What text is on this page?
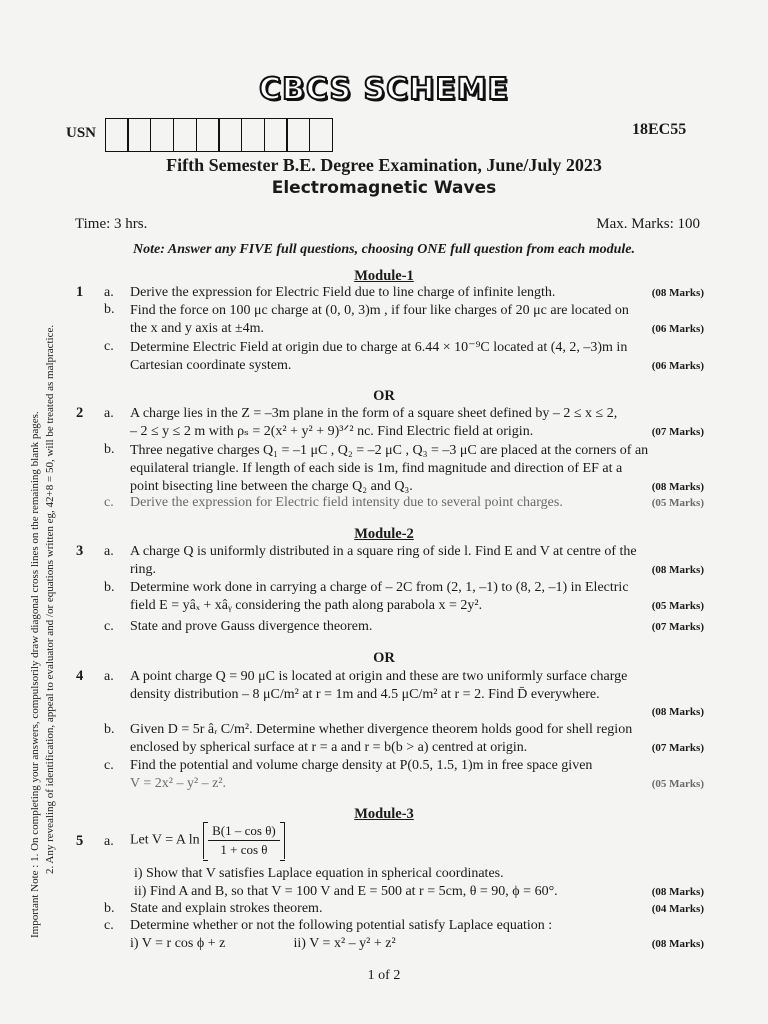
CBCS SCHEME
USN	18EC55
Fifth Semester B.E. Degree Examination, June/July 2023
Electromagnetic Waves
Time: 3 hrs.	Max. Marks: 100
Note: Answer any FIVE full questions, choosing ONE full question from each module.
Important Note : 1. On completing your answers, compulsorily draw diagonal cross lines on the remaining blank pages. 2. Any revealing of identification, appeal to evaluator and /or equations written eg, 42+8 = 50, will be treated as malpractice.
Module-1
1 a. Derive the expression for Electric Field due to line charge of infinite length.	(08 Marks)
b. Find the force on 100 μc charge at (0, 0, 3)m , if four like charges of 20 μc are located on
the x and y axis at ±4m.	(06 Marks)
c. Determine Electric Field at origin due to charge at 6.44 × 10⁻⁹C located at (4, 2, –3)m in
Cartesian coordinate system.	(06 Marks)
OR
2 a. A charge lies in the Z = –3m plane in the form of a square sheet defined by – 2 ≤ x ≤ 2,
– 2 ≤ y ≤ 2 m with ρₛ = 2(x² + y² + 9)³ᐟ² nc. Find Electric field at origin.	(07 Marks)
b. Three negative charges Q₁ = –1 μC , Q₂ = –2 μC , Q₃ = –3 μC are placed at the corners of an
equilateral triangle. If length of each side is 1m, find magnitude and direction of EF at a
point bisecting line between the charge Q₂ and Q₃.	(08 Marks)
c. Derive the expression for Electric field intensity due to several point charges.	(05 Marks)
Module-2
3 a. A charge Q is uniformly distributed in a square ring of side l. Find E and V at centre of the
ring.	(08 Marks)
b. Determine work done in carrying a charge of – 2C from (2, 1, –1) to (8, 2, –1) in Electric
field E = yâₓ + xâᵧ considering the path along parabola x = 2y².	(05 Marks)
c. State and prove Gauss divergence theorem.	(07 Marks)
OR
4 a. A point charge Q = 90 μC is located at origin and these are two uniformly surface charge
density distribution – 8 μC/m² at r = 1m and 4.5 μC/m² at r = 2. Find D̄ everywhere.
(08 Marks)
b. Given D = 5r âᵣ C/m². Determine whether divergence theorem holds good for shell region
enclosed by spherical surface at r = a and r = b(b > a) centred at origin.	(07 Marks)
c. Find the potential and volume charge density at P(0.5, 1.5, 1)m in free space given
V = 2x² – y² – z².	(05 Marks)
Module-3
5 a. Let V = A $\ln \frac{\text{B(1 – cos θ)}}{\text{1 + cos θ}}$
i) Show that V satisfies Laplace equation in spherical coordinates.
ii) Find A and B, so that V = 100 V and E = 500 at r = 5cm, θ = 90, ϕ = 60°.	(08 Marks)
b. State and explain strokes theorem.	(04 Marks)
c. Determine whether or not the following potential satisfy Laplace equation :
i) V = r cos ϕ + z	ii) V = x² – y² + z²	(08 Marks)
1 of 2
